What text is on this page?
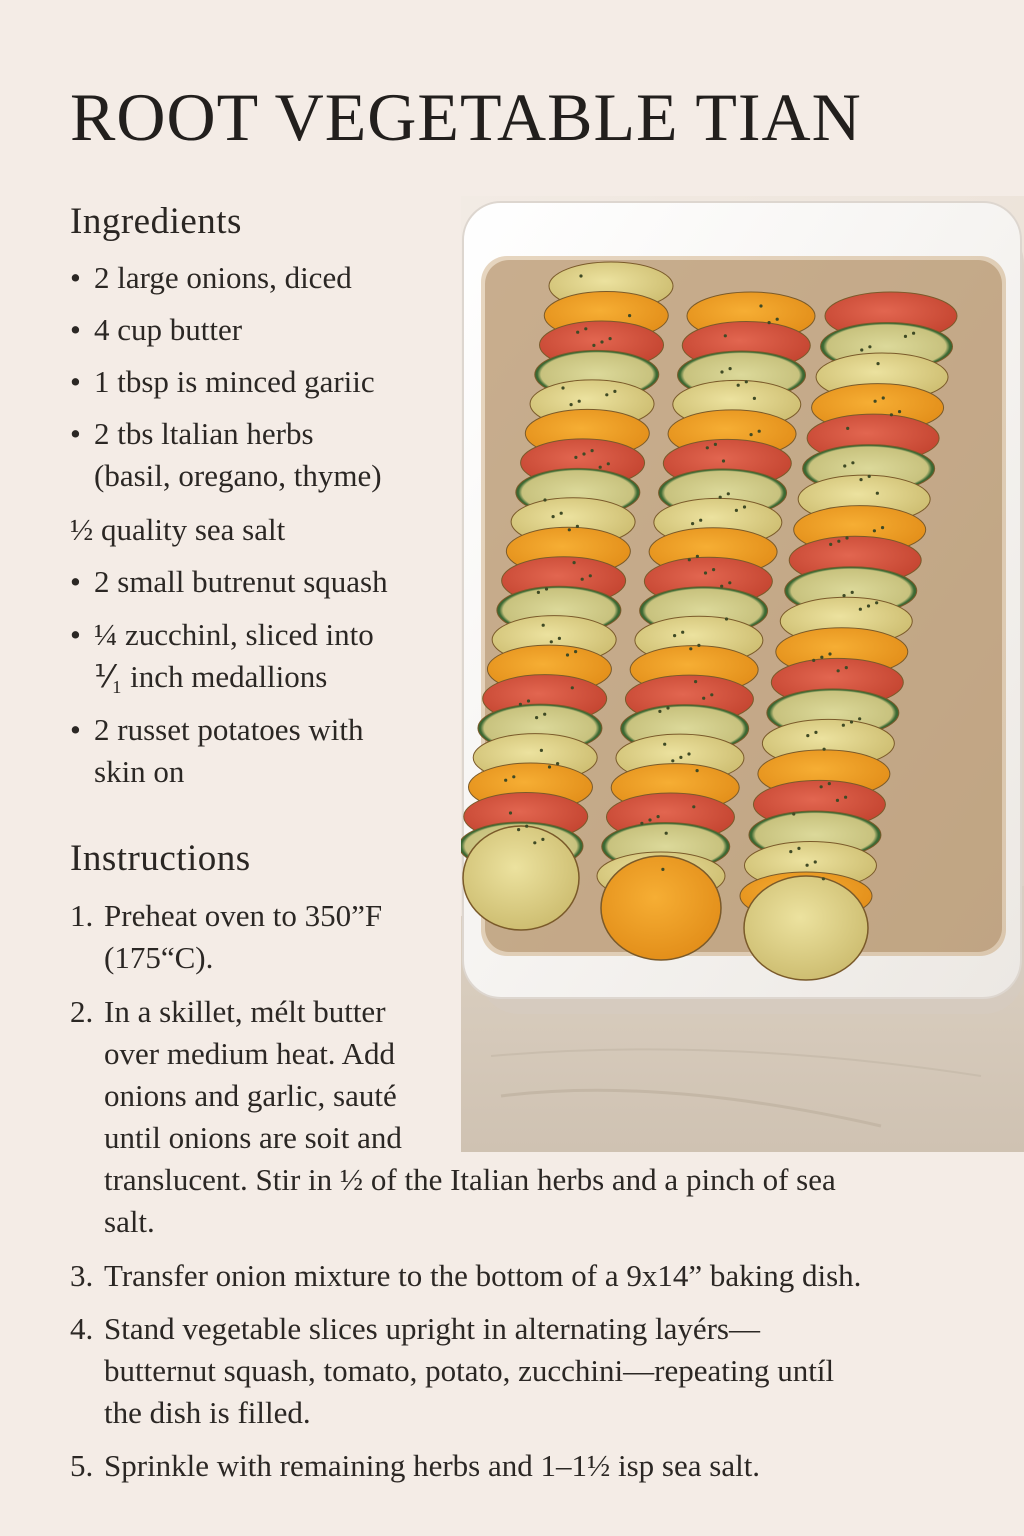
ROOT VEGETABLE TIAN
Ingredients
• 2 large onions, diced
• 4 cup butter
• 1 tbsp is minced gariic
• 2 tbs ltalian herbs
(basil, oregano, thyme)
½ quality sea salt
• 2 small butrenut squash
• ¼ zucchinl, sliced into
⅟₁ inch medallions
• 2 russet potatoes with
skin on
Instructions
1. Preheat oven to 350”F
(175“C).
2. In a skillet, mélt butter
over medium heat. Add
onions and garlic, sauté
until onions are soit and
translucent. Stir in ½ of the Italian herbs and a pinch of sea
salt.
3. Transfer onion mixture to the bottom of a 9x14” baking dish.
4. Stand vegetable slices upright in alternating layérs—
butternut squash, tomato, potato, zucchini—repeating untíl
the dish is filled.
5. Sprinkle with remaining herbs and 1–1½ isp sea salt.
